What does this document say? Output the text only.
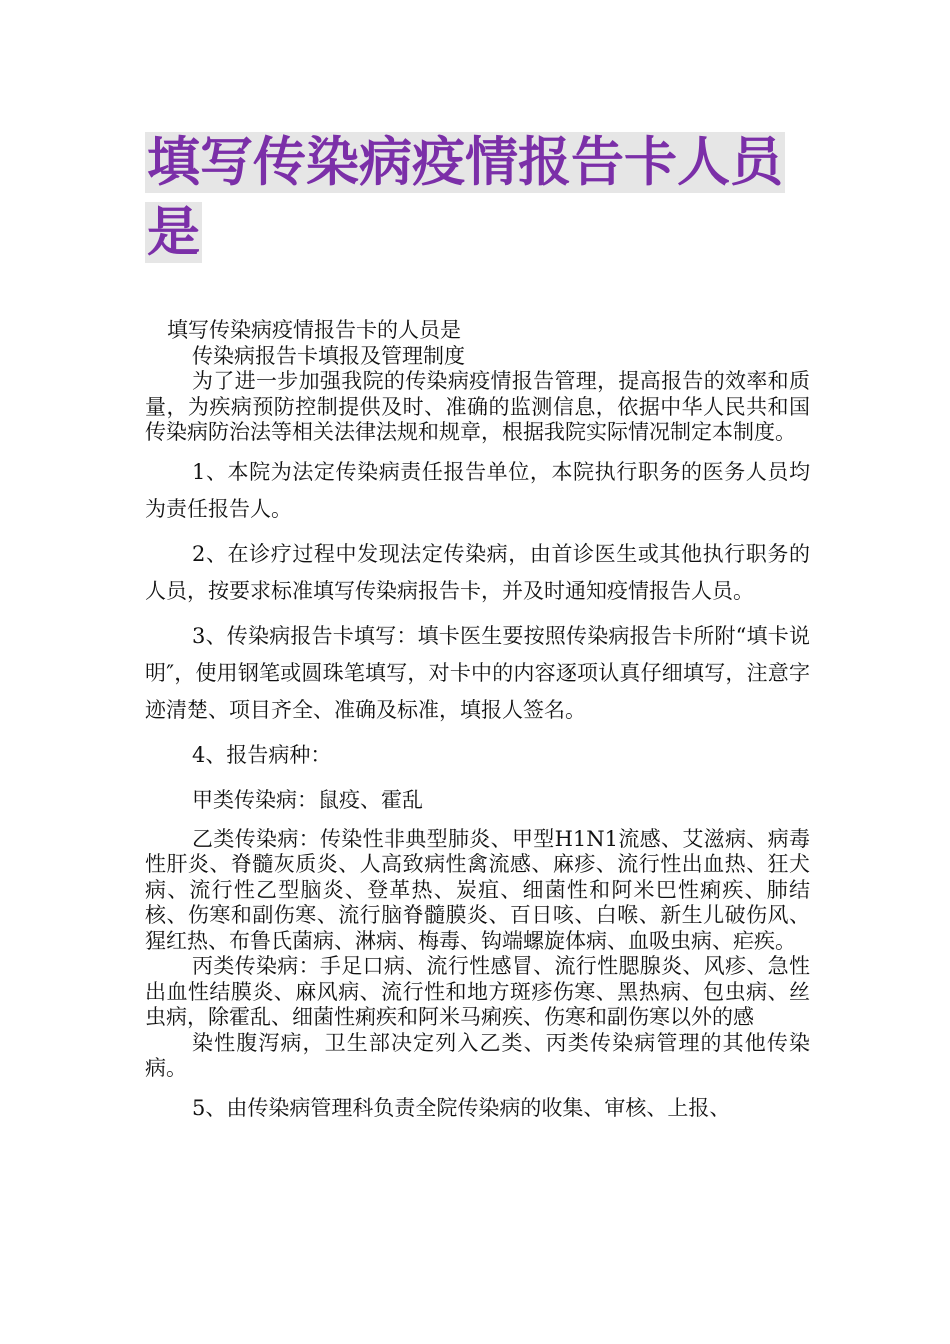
填写传染病疫情报告卡人员是

填写传染病疫情报告卡的人员是

传染病报告卡填报及管理制度

为了进一步加强我院的传染病疫情报告管理，提高报告的效率和质量，为疾病预防控制提供及时、准确的监测信息，依据中华人民共和国传染病防治法等相关法律法规和规章，根据我院实际情况制定本制度。

1、本院为法定传染病责任报告单位，本院执行职务的医务人员均为责任报告人。

2、在诊疗过程中发现法定传染病，由首诊医生或其他执行职务的人员，按要求标准填写传染病报告卡，并及时通知疫情报告人员。

3、传染病报告卡填写：填卡医生要按照传染病报告卡所附“填卡说明″，使用钢笔或圆珠笔填写，对卡中的内容逐项认真仔细填写，注意字迹清楚、项目齐全、准确及标准，填报人签名。

4、报告病种：

甲类传染病：鼠疫、霍乱

乙类传染病：传染性非典型肺炎、甲型H1N1流感、艾滋病、病毒性肝炎、脊髓灰质炎、人高致病性禽流感、麻疹、流行性出血热、狂犬病、流行性乙型脑炎、登革热、炭疽、细菌性和阿米巴性痢疾、肺结核、伤寒和副伤寒、流行脑脊髓膜炎、百日咳、白喉、新生儿破伤风、猩红热、布鲁氏菌病、淋病、梅毒、钩端螺旋体病、血吸虫病、疟疾。

丙类传染病：手足口病、流行性感冒、流行性腮腺炎、风疹、急性出血性结膜炎、麻风病、流行性和地方斑疹伤寒、黑热病、包虫病、丝虫病，除霍乱、细菌性痢疾和阿米马痢疾、伤寒和副伤寒以外的感

染性腹泻病，卫生部决定列入乙类、丙类传染病管理的其他传染病。

5、由传染病管理科负责全院传染病的收集、审核、上报、
